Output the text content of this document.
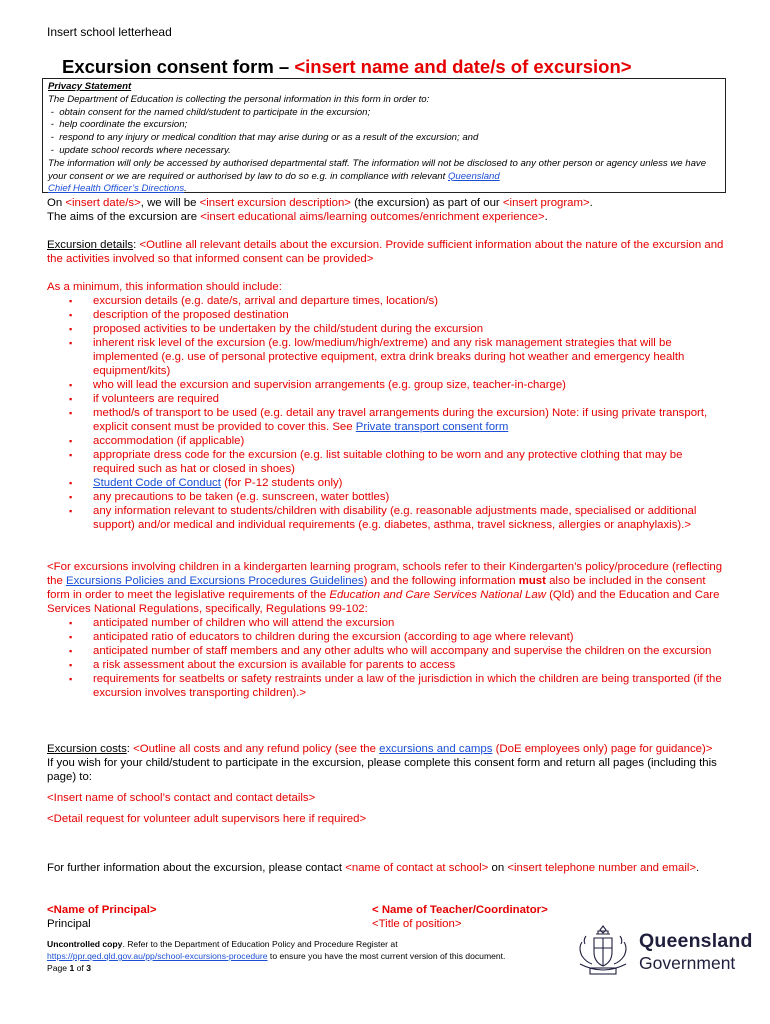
Insert school letterhead
Excursion consent form – <insert name and date/s of excursion>
Privacy Statement
The Department of Education is collecting the personal information in this form in order to:
-  obtain consent for the named child/student to participate in the excursion;
-  help coordinate the excursion;
-  respond to any injury or medical condition that may arise during or as a result of the excursion; and
-  update school records where necessary.
The information will only be accessed by authorised departmental staff. The information will not be disclosed to any other person or agency unless we have your consent or we are required or authorised by law to do so e.g. in compliance with relevant Queensland
Chief Health Officer’s Directions.
On <insert date/s>, we will be <insert excursion description> (the excursion) as part of our <insert program>.
The aims of the excursion are <insert educational aims/learning outcomes/enrichment experience>.
Excursion details: <Outline all relevant details about the excursion. Provide sufficient information about the nature of the excursion and the activities involved so that informed consent can be provided>
As a minimum, this information should include:
▪ excursion details (e.g. date/s, arrival and departure times, location/s)
▪ description of the proposed destination
▪ proposed activities to be undertaken by the child/student during the excursion
▪ inherent risk level of the excursion (e.g. low/medium/high/extreme) and any risk management strategies that will be implemented (e.g. use of personal protective equipment, extra drink breaks during hot weather and emergency health equipment/kits)
▪ who will lead the excursion and supervision arrangements (e.g. group size, teacher-in-charge)
▪ if volunteers are required
▪ method/s of transport to be used (e.g. detail any travel arrangements during the excursion) Note: if using private transport, explicit consent must be provided to cover this. See Private transport consent form
▪ accommodation (if applicable)
▪ appropriate dress code for the excursion (e.g. list suitable clothing to be worn and any protective clothing that may be required such as hat or closed in shoes)
▪ Student Code of Conduct (for P-12 students only)
▪ any precautions to be taken (e.g. sunscreen, water bottles)
▪ any information relevant to students/children with disability (e.g. reasonable adjustments made, specialised or additional support) and/or medical and individual requirements (e.g. diabetes, asthma, travel sickness, allergies or anaphylaxis).>
<For excursions involving children in a kindergarten learning program, schools refer to their Kindergarten’s policy/procedure (reflecting the Excursions Policies and Excursions Procedures Guidelines) and the following information must also be included in the consent form in order to meet the legislative requirements of the Education and Care Services National Law (Qld) and the Education and Care Services National Regulations, specifically, Regulations 99-102:
▪ anticipated number of children who will attend the excursion
▪ anticipated ratio of educators to children during the excursion (according to age where relevant)
▪ anticipated number of staff members and any other adults who will accompany and supervise the children on the excursion
▪ a risk assessment about the excursion is available for parents to access
▪ requirements for seatbelts or safety restraints under a law of the jurisdiction in which the children are being transported (if the excursion involves transporting children).>
Excursion costs: <Outline all costs and any refund policy (see the excursions and camps (DoE employees only) page for guidance)>
If you wish for your child/student to participate in the excursion, please complete this consent form and return all pages (including this page) to:
<Insert name of school’s contact and contact details>
<Detail request for volunteer adult supervisors here if required>
For further information about the excursion, please contact <name of contact at school> on <insert telephone number and email>.
<Name of Principal>
Principal
< Name of Teacher/Coordinator>
<Title of position>
Uncontrolled copy. Refer to the Department of Education Policy and Procedure Register at
https://ppr.qed.qld.gov.au/pp/school-excursions-procedure to ensure you have the most current version of this document.
Page 1 of 3
Queensland
Government
